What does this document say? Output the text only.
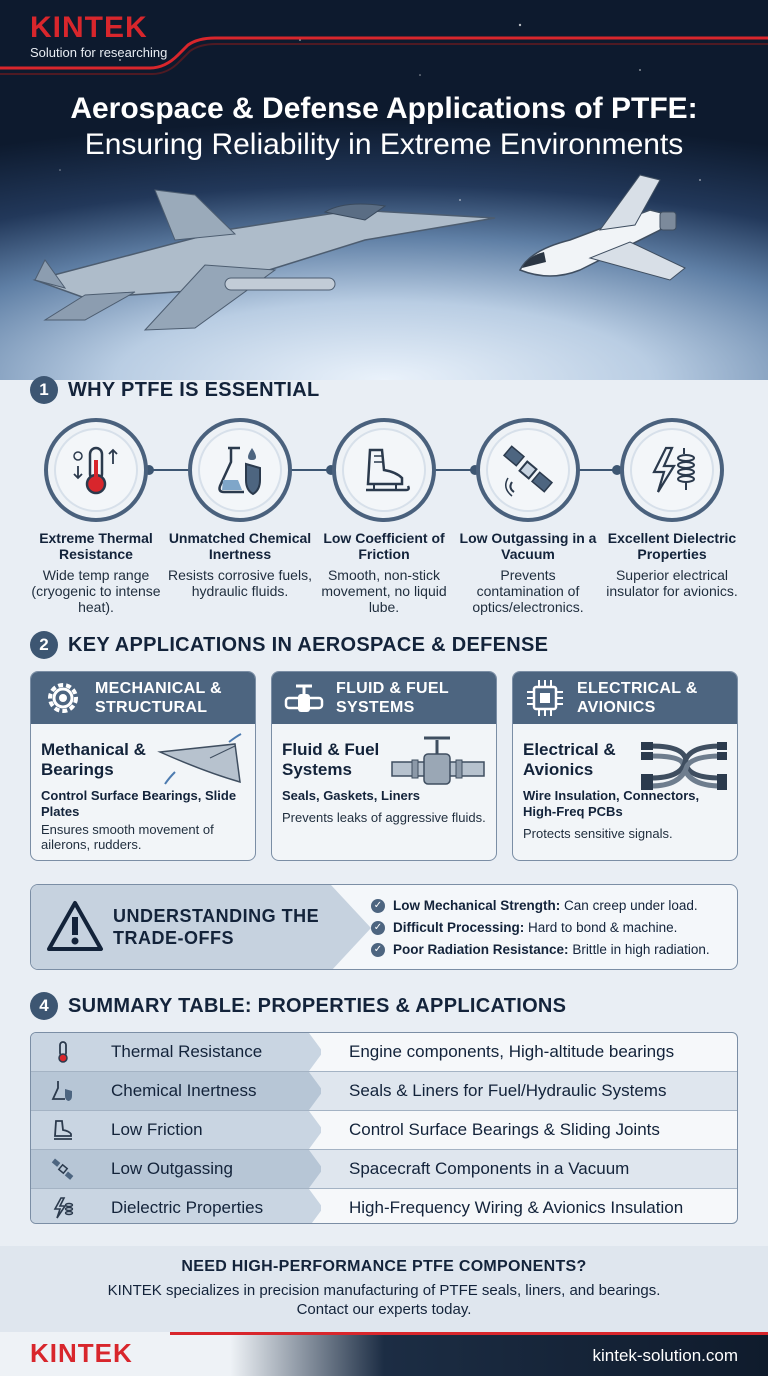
KINTEK
Solution for researching
Aerospace & Defense Applications of PTFE:
Ensuring Reliability in Extreme Environments
1 WHY PTFE IS ESSENTIAL
Extreme Thermal Resistance
Wide temp range (cryogenic to intense heat).
Unmatched Chemical Inertness
Resists corrosive fuels, hydraulic fluids.
Low Coefficient of Friction
Smooth, non-stick movement, no liquid lube.
Low Outgassing in a Vacuum
Prevents contamination of optics/electronics.
Excellent Dielectric Properties
Superior electrical insulator for avionics.
2 KEY APPLICATIONS IN AEROSPACE & DEFENSE
MECHANICAL & STRUCTURAL
Methanical & Bearings
Control Surface Bearings, Slide Plates
Ensures smooth movement of ailerons, rudders.
FLUID & FUEL SYSTEMS
Fluid & Fuel Systems
Seals, Gaskets, Liners
Prevents leaks of aggressive fluids.
ELECTRICAL & AVIONICS
Electrical & Avionics
Wire Insulation, Connectors, High-Freq PCBs
Protects sensitive signals.
UNDERSTANDING THE TRADE-OFFS
✓ Low Mechanical Strength: Can creep under load.
✓ Difficult Processing: Hard to bond & machine.
✓ Poor Radiation Resistance: Brittle in high radiation.
4 SUMMARY TABLE: PROPERTIES & APPLICATIONS
Thermal Resistance	Engine components, High-altitude bearings
Chemical Inertness	Seals & Liners for Fuel/Hydraulic Systems
Low Friction	Control Surface Bearings & Sliding Joints
Low Outgassing	Spacecraft Components in a Vacuum
Dielectric Properties	High-Frequency Wiring & Avionics Insulation
NEED HIGH-PERFORMANCE PTFE COMPONENTS?
KINTEK specializes in precision manufacturing of PTFE seals, liners, and bearings.
Contact our experts today.
KINTEK	kintek-solution.com
